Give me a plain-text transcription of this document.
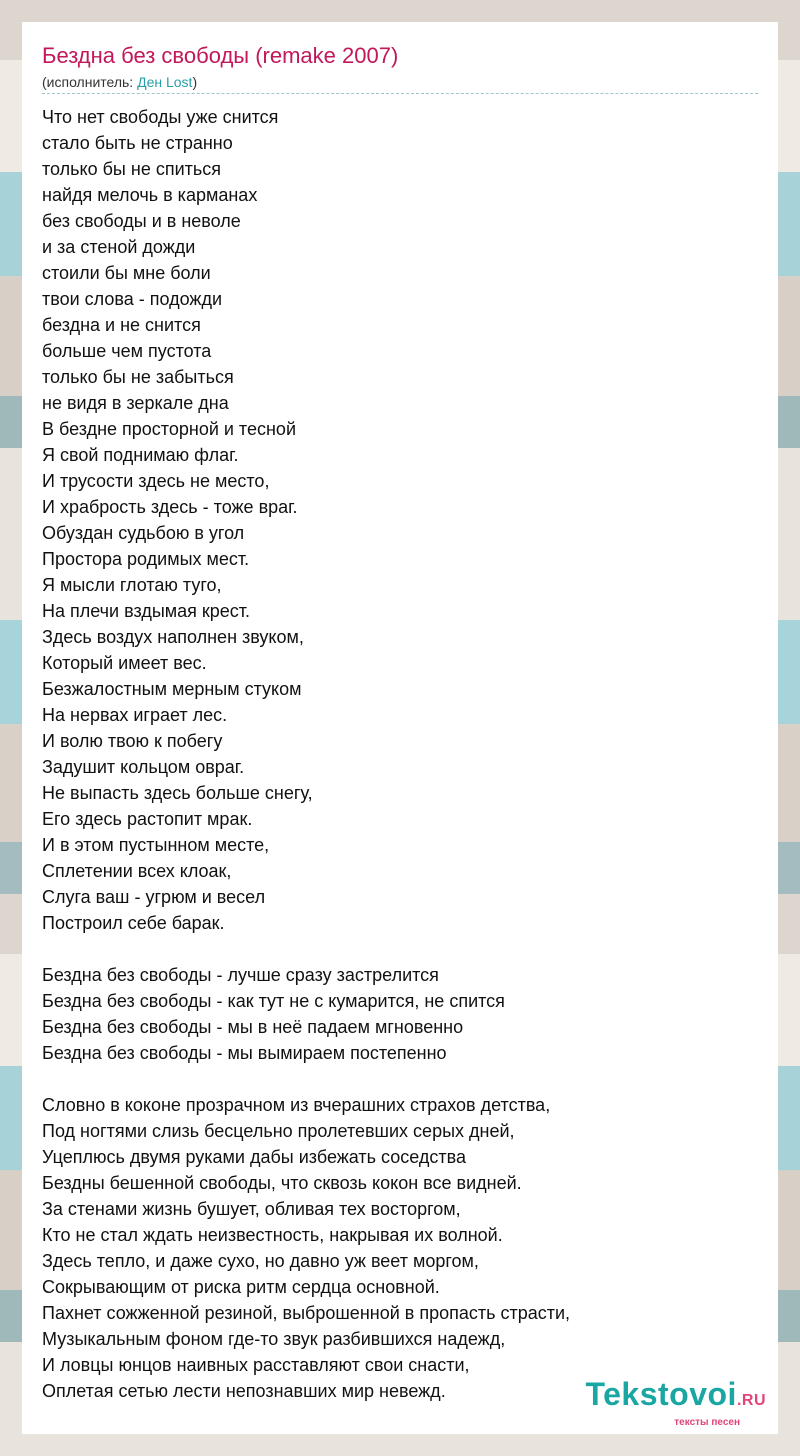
Бездна без свободы (remake 2007)
(исполнитель: Ден Lost)
Что нет свободы уже снится
стало быть не странно
только бы не спиться
найдя мелочь в карманах
без свободы и в неволе
и за стеной дожди
стоили бы мне боли
твои слова - подожди
бездна и не снится
больше чем пустота
только бы не забыться
не видя в зеркале дна
В бездне просторной и тесной
Я свой поднимаю флаг.
И трусости здесь не место,
И храбрость здесь - тоже враг.
Обуздан судьбою в угол
Простора родимых мест.
Я мысли глотаю туго,
На плечи вздымая крест.
Здесь воздух наполнен звуком,
Который имеет вес.
Безжалостным мерным стуком
На нервах играет лес.
И волю твою к побегу
Задушит кольцом овраг.
Не выпасть здесь больше снегу,
Его здесь растопит мрак.
И в этом пустынном месте,
Сплетении всех клоак,
Слуга ваш - угрюм и весел
Построил себе барак.
Бездна без свободы - лучше сразу застрелится
Бездна без свободы - как тут не с кумарится, не спится
Бездна без свободы - мы в неё падаем мгновенно
Бездна без свободы - мы вымираем постепенно
Словно в коконе прозрачном из вчерашних страхов детства,
Под ногтями слизь бесцельно пролетевших серых дней,
Уцеплюсь двумя руками дабы избежать соседства
Бездны бешенной свободы, что сквозь кокон все видней.
За стенами жизнь бушует, обливая тех восторгом,
Кто не стал ждать неизвестность, накрывая их волной.
Здесь тепло, и даже сухо, но давно уж веет моргом,
Сокрывающим от риска ритм сердца основной.
Пахнет сожженной резиной, выброшенной в пропасть страсти,
Музыкальным фоном где-то звук разбившихся надежд,
И ловцы юнцов наивных расставляют свои снасти,
Оплетая сетью лести непознавших мир невежд.	Tekstovoi.RU
тексты песен
